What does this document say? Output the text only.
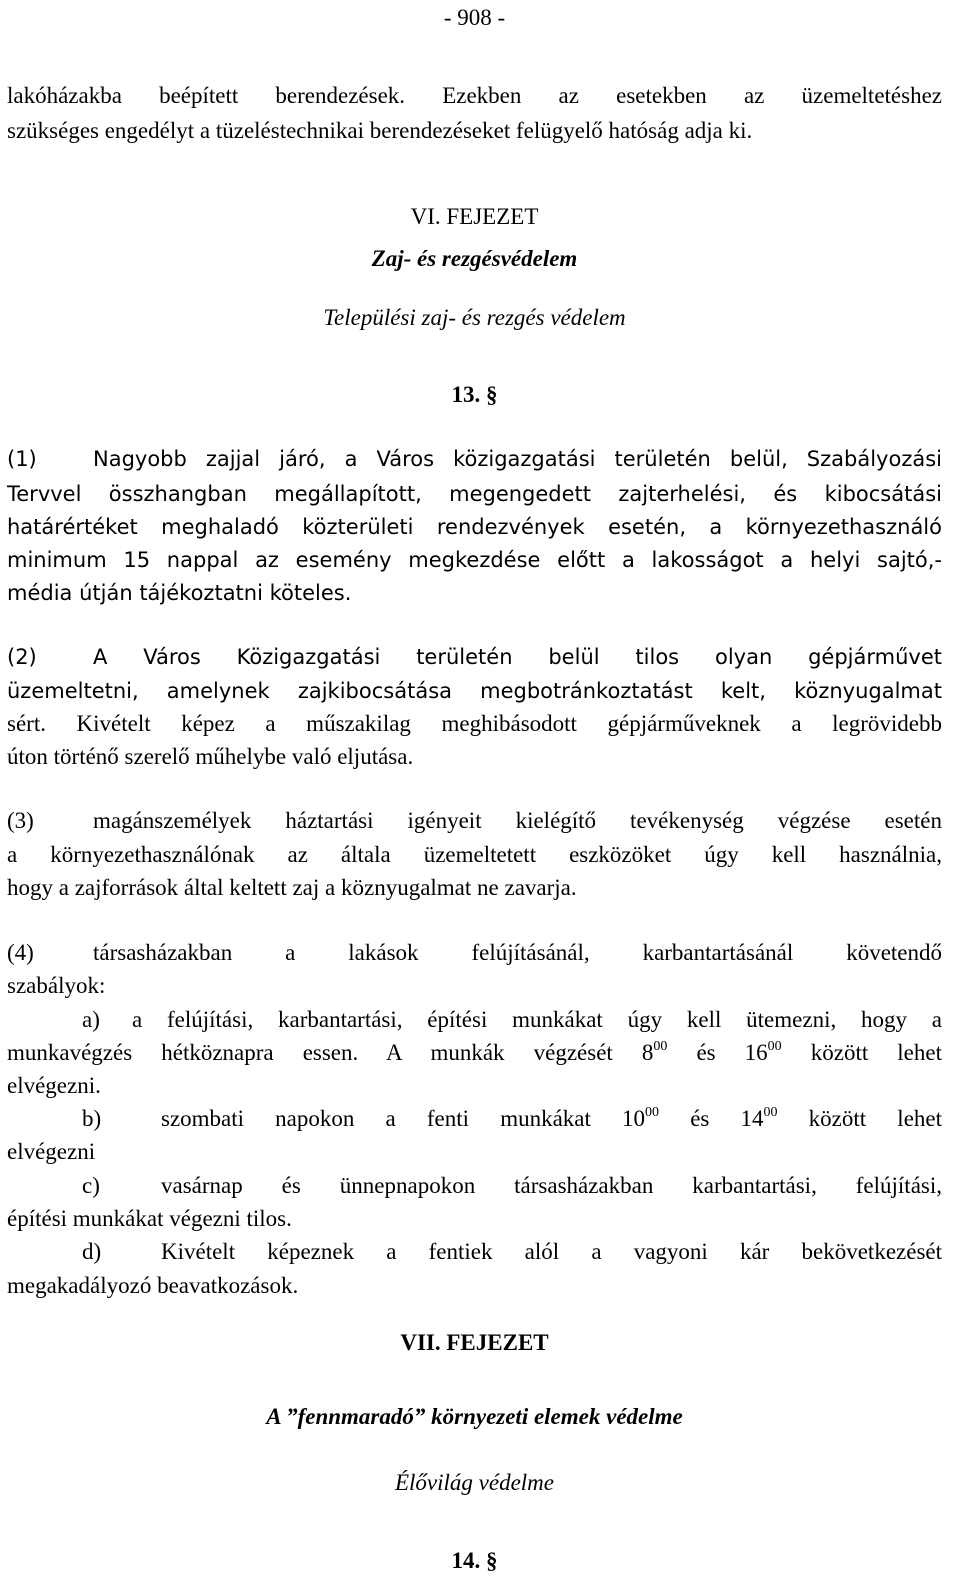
- 908 -
lakóházakba beépített berendezések. Ezekben az esetekben az üzemeltetéshez
szükséges engedélyt a tüzeléstechnikai berendezéseket felügyelő hatóság adja ki.
VI. FEJEZET
Zaj- és rezgésvédelem
Települési zaj- és rezgés védelem
13. §
(1)	Nagyobb zajjal járó, a Város közigazgatási területén belül, Szabályozási
Tervvel összhangban megállapított, megengedett zajterhelési, és kibocsátási
határértéket meghaladó közterületi rendezvények esetén, a környezethasználó
minimum 15 nappal az esemény megkezdése előtt a lakosságot a helyi sajtó,-
média útján tájékoztatni köteles.
(2)	A Város Közigazgatási területén belül tilos olyan gépjárművet
üzemeltetni, amelynek zajkibocsátása megbotránkoztatást kelt, köznyugalmat
sért. Kivételt képez a műszakilag meghibásodott gépjárműveknek a legrövidebb
úton történő szerelő műhelybe való eljutása.
(3)	magánszemélyek háztartási igényeit kielégítő tevékenység végzése esetén
a környezethasználónak az általa üzemeltetett eszközöket úgy kell használnia,
hogy a zajforrások által keltett zaj a köznyugalmat ne zavarja.
(4)	társasházakban a lakások felújításánál, karbantartásánál követendő
szabályok:
a) a felújítási, karbantartási, építési munkákat úgy kell ütemezni, hogy a
munkavégzés hétköznapra essen. A munkák végzését $8^{00}$ és $16^{00}$ között lehet
elvégezni.
b)	szombati napokon a fenti munkákat $10^{00}$ és $14^{00}$ között lehet
elvégezni
c)	vasárnap és ünnepnapokon társasházakban karbantartási, felújítási,
építési munkákat végezni tilos.
d)	Kivételt képeznek a fentiek alól a vagyoni kár bekövetkezését
megakadályozó beavatkozások.
VII. FEJEZET
A ”fennmaradó” környezeti elemek védelme
Élővilág védelme
14. §
